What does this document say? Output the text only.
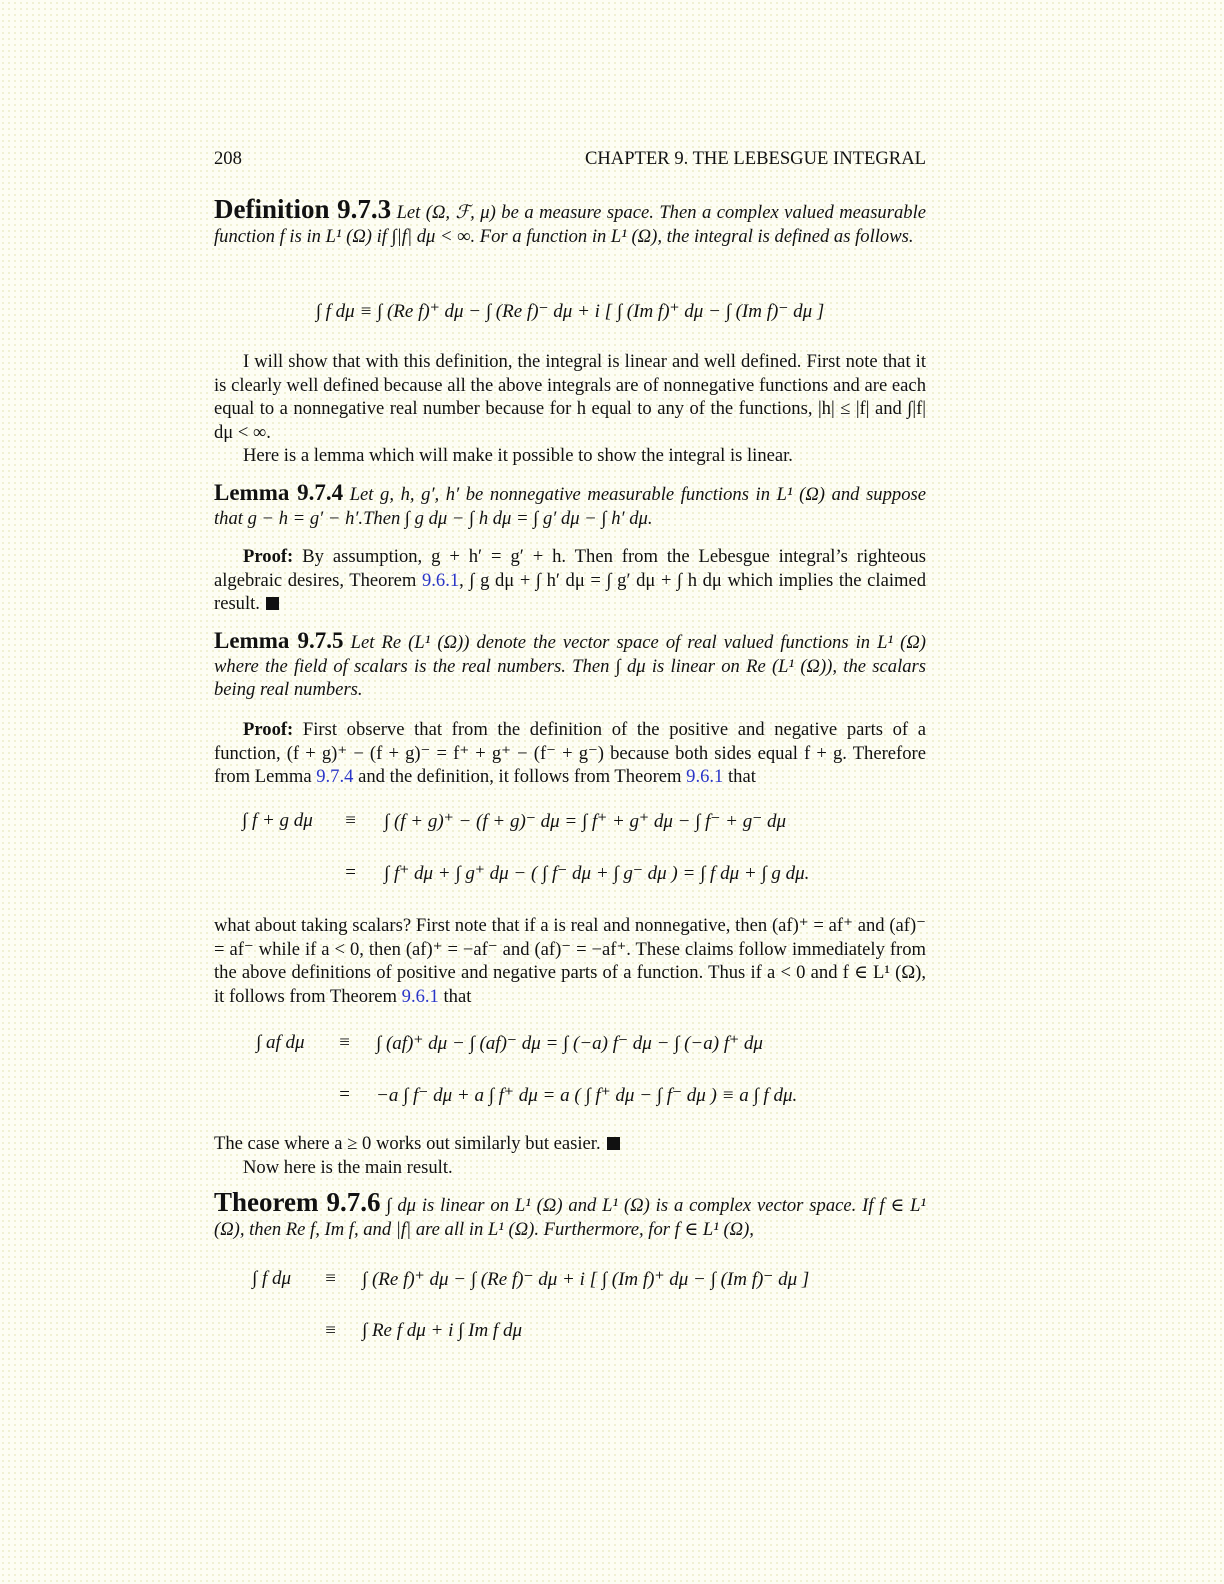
208	CHAPTER 9. THE LEBESGUE INTEGRAL
Definition 9.7.3 Let (Ω, ℱ, μ) be a measure space. Then a complex valued measurable function f is in L¹ (Ω) if ∫|f| dμ < ∞. For a function in L¹ (Ω), the integral is defined as follows.
∫ f dμ ≡ ∫ (Re f)⁺ dμ − ∫ (Re f)⁻ dμ + i [ ∫ (Im f)⁺ dμ − ∫ (Im f)⁻ dμ ]
I will show that with this definition, the integral is linear and well defined. First note that it is clearly well defined because all the above integrals are of nonnegative functions and are each equal to a nonnegative real number because for h equal to any of the functions, |h| ≤ |f| and ∫|f| dμ < ∞.
Here is a lemma which will make it possible to show the integral is linear.
Lemma 9.7.4 Let g, h, g′, h′ be nonnegative measurable functions in L¹ (Ω) and suppose that g − h = g′ − h′.Then ∫ g dμ − ∫ h dμ = ∫ g′ dμ − ∫ h′ dμ.
Proof: By assumption, g + h′ = g′ + h. Then from the Lebesgue integral’s righteous algebraic desires, Theorem 9.6.1, ∫ g dμ + ∫ h′ dμ = ∫ g′ dμ + ∫ h dμ which implies the claimed result.
Lemma 9.7.5 Let Re (L¹ (Ω)) denote the vector space of real valued functions in L¹ (Ω) where the field of scalars is the real numbers. Then ∫ dμ is linear on Re (L¹ (Ω)), the scalars being real numbers.
Proof: First observe that from the definition of the positive and negative parts of a function, (f + g)⁺ − (f + g)⁻ = f⁺ + g⁺ − (f⁻ + g⁻) because both sides equal f + g. Therefore from Lemma 9.7.4 and the definition, it follows from Theorem 9.6.1 that
∫ f + g dμ ≡ ∫ (f + g)⁺ − (f + g)⁻ dμ = ∫ f⁺ + g⁺ dμ − ∫ f⁻ + g⁻ dμ
= ∫ f⁺ dμ + ∫ g⁺ dμ − ( ∫ f⁻ dμ + ∫ g⁻ dμ ) = ∫ f dμ + ∫ g dμ.
what about taking scalars? First note that if a is real and nonnegative, then (af)⁺ = af⁺ and (af)⁻ = af⁻ while if a < 0, then (af)⁺ = −af⁻ and (af)⁻ = −af⁺. These claims follow immediately from the above definitions of positive and negative parts of a function. Thus if a < 0 and f ∈ L¹ (Ω), it follows from Theorem 9.6.1 that
∫ af dμ ≡ ∫ (af)⁺ dμ − ∫ (af)⁻ dμ = ∫ (−a) f⁻ dμ − ∫ (−a) f⁺ dμ
= −a ∫ f⁻ dμ + a ∫ f⁺ dμ = a ( ∫ f⁺ dμ − ∫ f⁻ dμ ) ≡ a ∫ f dμ.
The case where a ≥ 0 works out similarly but easier.
Now here is the main result.
Theorem 9.7.6 ∫ dμ is linear on L¹ (Ω) and L¹ (Ω) is a complex vector space. If f ∈ L¹ (Ω), then Re f, Im f, and |f| are all in L¹ (Ω). Furthermore, for f ∈ L¹ (Ω),
∫ f dμ ≡ ∫ (Re f)⁺ dμ − ∫ (Re f)⁻ dμ + i [ ∫ (Im f)⁺ dμ − ∫ (Im f)⁻ dμ ]
≡ ∫ Re f dμ + i ∫ Im f dμ
